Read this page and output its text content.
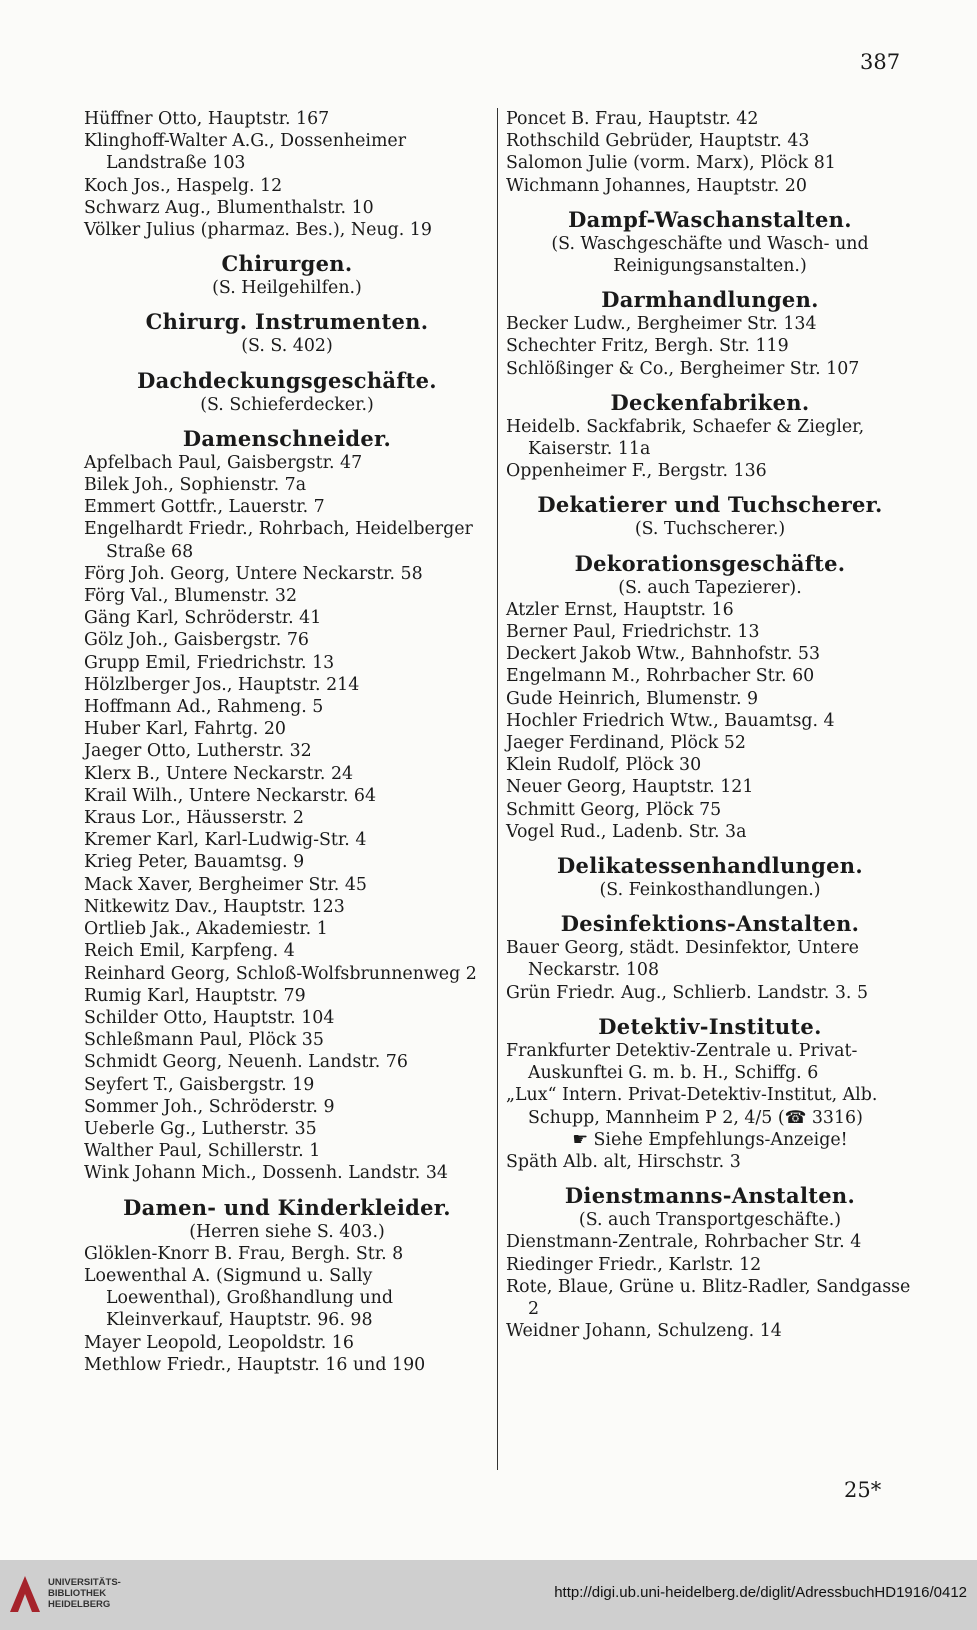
387
Hüffner Otto, Hauptstr. 167
Klinghoff-Walter A.G., Dossenheimer Landstraße 103
Koch Jos., Haspelg. 12
Schwarz Aug., Blumenthalstr. 10
Völker Julius (pharmaz. Bes.), Neug. 19
Chirurgen.
(S. Heilgehilfen.)
Chirurg. Instrumenten.
(S. S. 402)
Dachdeckungsgeschäfte.
(S. Schieferdecker.)
Damenschneider.
Apfelbach Paul, Gaisbergstr. 47
Bilek Joh., Sophienstr. 7a
Emmert Gottfr., Lauerstr. 7
Engelhardt Friedr., Rohrbach, Heidelberger Straße 68
Förg Joh. Georg, Untere Neckarstr. 58
Förg Val., Blumenstr. 32
Gäng Karl, Schröderstr. 41
Gölz Joh., Gaisbergstr. 76
Grupp Emil, Friedrichstr. 13
Hölzlberger Jos., Hauptstr. 214
Hoffmann Ad., Rahmeng. 5
Huber Karl, Fahrtg. 20
Jaeger Otto, Lutherstr. 32
Klerx B., Untere Neckarstr. 24
Krail Wilh., Untere Neckarstr. 64
Kraus Lor., Häusserstr. 2
Kremer Karl, Karl-Ludwig-Str. 4
Krieg Peter, Bauamtsg. 9
Mack Xaver, Bergheimer Str. 45
Nitkewitz Dav., Hauptstr. 123
Ortlieb Jak., Akademiestr. 1
Reich Emil, Karpfeng. 4
Reinhard Georg, Schloß-Wolfsbrunnenweg 2
Rumig Karl, Hauptstr. 79
Schilder Otto, Hauptstr. 104
Schleßmann Paul, Plöck 35
Schmidt Georg, Neuenh. Landstr. 76
Seyfert T., Gaisbergstr. 19
Sommer Joh., Schröderstr. 9
Ueberle Gg., Lutherstr. 35
Walther Paul, Schillerstr. 1
Wink Johann Mich., Dossenh. Landstr. 34
Damen- und Kinderkleider.
(Herren siehe S. 403.)
Glöklen-Knorr B. Frau, Bergh. Str. 8
Loewenthal A. (Sigmund u. Sally Loewenthal), Großhandlung und Kleinverkauf, Hauptstr. 96. 98
Mayer Leopold, Leopoldstr. 16
Methlow Friedr., Hauptstr. 16 und 190
Poncet B. Frau, Hauptstr. 42
Rothschild Gebrüder, Hauptstr. 43
Salomon Julie (vorm. Marx), Plöck 81
Wichmann Johannes, Hauptstr. 20
Dampf-Waschanstalten.
(S. Waschgeschäfte und Wasch- und Reinigungsanstalten.)
Darmhandlungen.
Becker Ludw., Bergheimer Str. 134
Schechter Fritz, Bergh. Str. 119
Schlößinger & Co., Bergheimer Str. 107
Deckenfabriken.
Heidelb. Sackfabrik, Schaefer & Ziegler, Kaiserstr. 11a
Oppenheimer F., Bergstr. 136
Dekatierer und Tuchscherer.
(S. Tuchscherer.)
Dekorationsgeschäfte.
(S. auch Tapezierer).
Atzler Ernst, Hauptstr. 16
Berner Paul, Friedrichstr. 13
Deckert Jakob Wtw., Bahnhofstr. 53
Engelmann M., Rohrbacher Str. 60
Gude Heinrich, Blumenstr. 9
Hochler Friedrich Wtw., Bauamtsg. 4
Jaeger Ferdinand, Plöck 52
Klein Rudolf, Plöck 30
Neuer Georg, Hauptstr. 121
Schmitt Georg, Plöck 75
Vogel Rud., Ladenb. Str. 3a
Delikatessenhandlungen.
(S. Feinkosthandlungen.)
Desinfektions-Anstalten.
Bauer Georg, städt. Desinfektor, Untere Neckarstr. 108
Grün Friedr. Aug., Schlierb. Landstr. 3. 5
Detektiv-Institute.
Frankfurter Detektiv-Zentrale u. Privat-Auskunftei G. m. b. H., Schiffg. 6
„Lux“ Intern. Privat-Detektiv-Institut, Alb. Schupp, Mannheim P 2, 4/5 (☎ 3316)
☛ Siehe Empfehlungs-Anzeige!
Späth Alb. alt, Hirschstr. 3
Dienstmanns-Anstalten.
(S. auch Transportgeschäfte.)
Dienstmann-Zentrale, Rohrbacher Str. 4
Riedinger Friedr., Karlstr. 12
Rote, Blaue, Grüne u. Blitz-Radler, Sandgasse 2
Weidner Johann, Schulzeng. 14
25*
UNIVERSITÄTS-
BIBLIOTHEK
HEIDELBERG
http://digi.ub.uni-heidelberg.de/diglit/AdressbuchHD1916/0412
